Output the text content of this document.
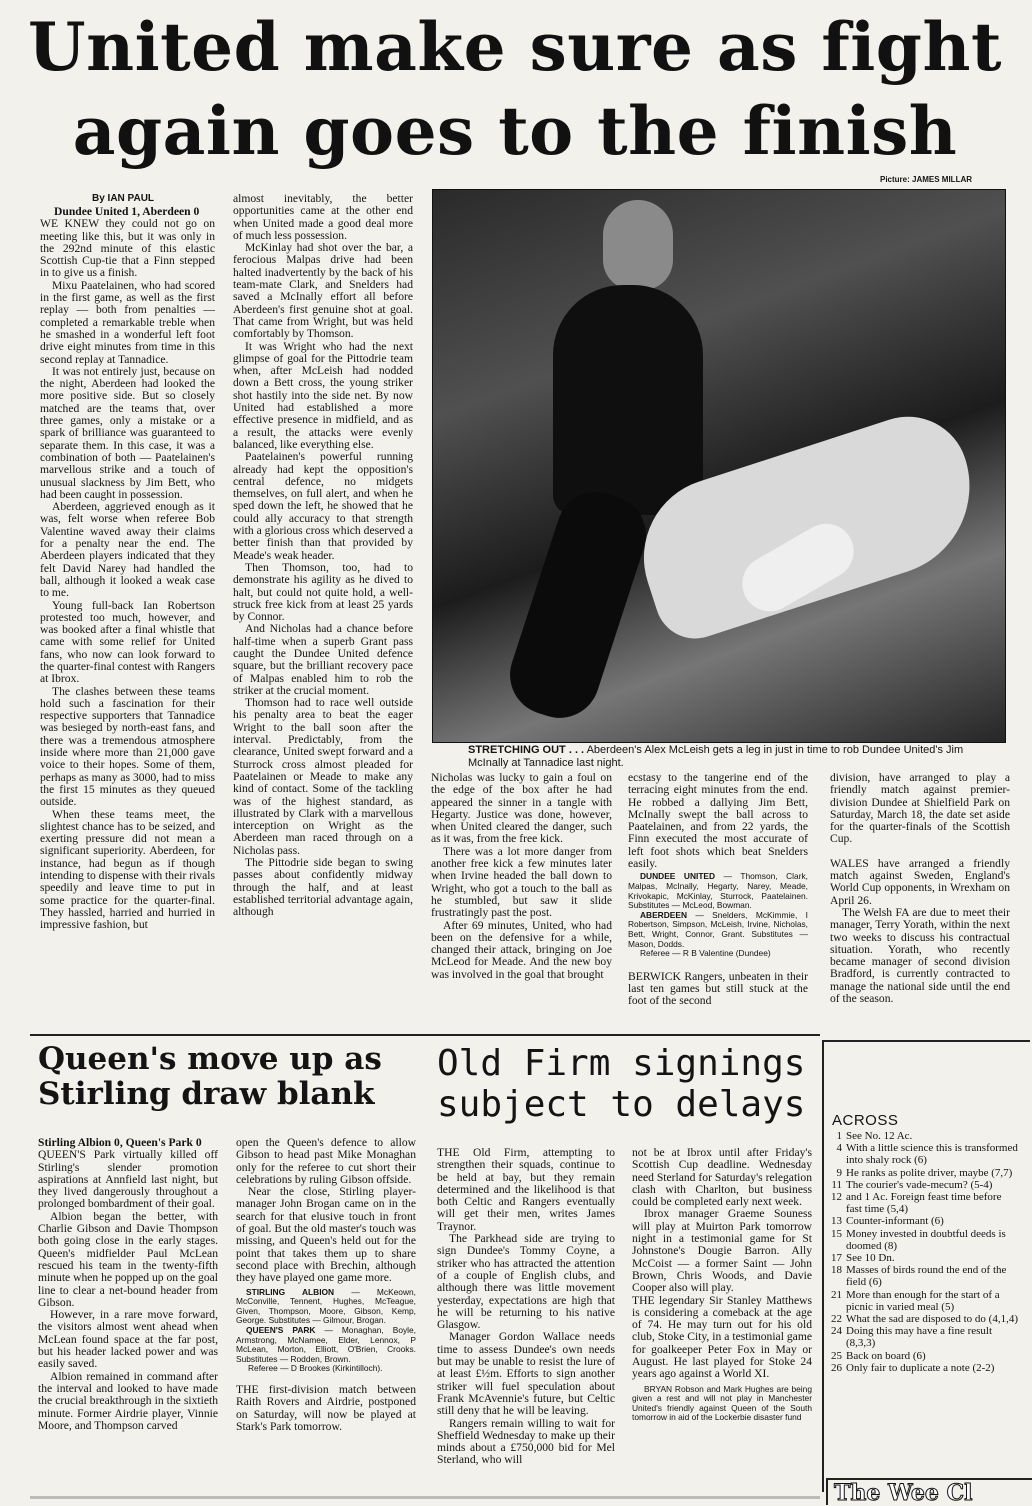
United make sure as fight
again goes to the finish
Picture: JAMES MILLAR
By IAN PAUL

Dundee United 1, Aberdeen 0

WE KNEW they could not go on meeting like this, but it was only in the 292nd minute of this elastic Scottish Cup-tie that a Finn stepped in to give us a finish.

Mixu Paatelainen, who had scored in the first game, as well as the first replay — both from penalties — completed a remarkable treble when he smashed in a wonderful left foot drive eight minutes from time in this second replay at Tannadice.

It was not entirely just, because on the night, Aberdeen had looked the more positive side. But so closely matched are the teams that, over three games, only a mistake or a spark of brilliance was guaranteed to separate them. In this case, it was a combination of both — Paatelainen's marvellous strike and a touch of unusual slackness by Jim Bett, who had been caught in possession.

Aberdeen, aggrieved enough as it was, felt worse when referee Bob Valentine waved away their claims for a penalty near the end. The Aberdeen players indicated that they felt David Narey had handled the ball, although it looked a weak case to me.

Young full-back Ian Robertson protested too much, however, and was booked after a final whistle that came with some relief for United fans, who now can look forward to the quarter-final contest with Rangers at Ibrox.

The clashes between these teams hold such a fascination for their respective supporters that Tannadice was besieged by north-east fans, and there was a tremendous atmosphere inside where more than 21,000 gave voice to their hopes. Some of them, perhaps as many as 3000, had to miss the first 15 minutes as they queued outside.

When these teams meet, the slightest chance has to be seized, and exerting pressure did not mean a significant superiority. Aberdeen, for instance, had begun as if though intending to dispense with their rivals speedily and leave time to put in some practice for the quarter-final. They hassled, harried and hurried in impressive fashion, but

almost inevitably, the better opportunities came at the other end when United made a good deal more of much less possession.

McKinlay had shot over the bar, a ferocious Malpas drive had been halted inadvertently by the back of his team-mate Clark, and Snelders had saved a McInally effort all before Aberdeen's first genuine shot at goal. That came from Wright, but was held comfortably by Thomson.

It was Wright who had the next glimpse of goal for the Pittodrie team when, after McLeish had nodded down a Bett cross, the young striker shot hastily into the side net. By now United had established a more effective presence in midfield, and as a result, the attacks were evenly balanced, like everything else.

Paatelainen's powerful running already had kept the opposition's central defence, no midgets themselves, on full alert, and when he sped down the left, he showed that he could ally accuracy to that strength with a glorious cross which deserved a better finish than that provided by Meade's weak header.

Then Thomson, too, had to demonstrate his agility as he dived to halt, but could not quite hold, a well-struck free kick from at least 25 yards by Connor.

And Nicholas had a chance before half-time when a superb Grant pass caught the Dundee United defence square, but the brilliant recovery pace of Malpas enabled him to rob the striker at the crucial moment.

Thomson had to race well outside his penalty area to beat the eager Wright to the ball soon after the interval. Predictably, from the clearance, United swept forward and a Sturrock cross almost pleaded for Paatelainen or Meade to make any kind of contact. Some of the tackling was of the highest standard, as illustrated by Clark with a marvellous interception on Wright as the Aberdeen man raced through on a Nicholas pass.

The Pittodrie side began to swing passes about confidently midway through the half, and at least established territorial advantage again, although

STRETCHING OUT . . . Aberdeen's Alex McLeish gets a leg in just in time to rob Dundee United's Jim McInally at Tannadice last night.

Nicholas was lucky to gain a foul on the edge of the box after he had appeared the sinner in a tangle with Hegarty. Justice was done, however, when United cleared the danger, such as it was, from the free kick.

There was a lot more danger from another free kick a few minutes later when Irvine headed the ball down to Wright, who got a touch to the ball as he stumbled, but saw it slide frustratingly past the post.

After 69 minutes, United, who had been on the defensive for a while, changed their attack, bringing on Joe McLeod for Meade. And the new boy was involved in the goal that brought

ecstasy to the tangerine end of the terracing eight minutes from the end. He robbed a dallying Jim Bett, McInally swept the ball across to Paatelainen, and from 22 yards, the Finn executed the most accurate of left foot shots which beat Snelders easily.

DUNDEE UNITED — Thomson, Clark, Malpas, McInally, Hegarty, Narey, Meade, Krivokapic, McKinlay, Sturrock, Paatelainen. Substitutes — McLeod, Bowman.

ABERDEEN — Snelders, McKimmie, I Robertson, Simpson, McLeish, Irvine, Nicholas, Bett, Wright, Connor, Grant. Substitutes — Mason, Dodds.

Referee — R B Valentine (Dundee)

BERWICK Rangers, unbeaten in their last ten games but still stuck at the foot of the second

division, have arranged to play a friendly match against premier-division Dundee at Shielfield Park on Saturday, March 18, the date set aside for the quarter-finals of the Scottish Cup.

WALES have arranged a friendly match against Sweden, England's World Cup opponents, in Wrexham on April 26.

The Welsh FA are due to meet their manager, Terry Yorath, within the next two weeks to discuss his contractual situation. Yorath, who recently became manager of second division Bradford, is currently contracted to manage the national side until the end of the season.

Queen's move up as
Stirling draw blank

Stirling Albion 0, Queen's Park 0

QUEEN'S Park virtually killed off Stirling's slender promotion aspirations at Annfield last night, but they lived dangerously throughout a prolonged bombardment of their goal.

Albion began the better, with Charlie Gibson and Davie Thompson both going close in the early stages. Queen's midfielder Paul McLean rescued his team in the twenty-fifth minute when he popped up on the goal line to clear a net-bound header from Gibson.

However, in a rare move forward, the visitors almost went ahead when McLean found space at the far post, but his header lacked power and was easily saved.

Albion remained in command after the interval and looked to have made the crucial breakthrough in the sixtieth minute. Former Airdrie player, Vinnie Moore, and Thompson carved

open the Queen's defence to allow Gibson to head past Mike Monaghan only for the referee to cut short their celebrations by ruling Gibson offside.

Near the close, Stirling player-manager John Brogan came on in the search for that elusive touch in front of goal. But the old master's touch was missing, and Queen's held out for the point that takes them up to share second place with Brechin, although they have played one game more.

STIRLING ALBION — McKeown, McConville, Tennent, Hughes, McTeague, Given, Thompson, Moore, Gibson, Kemp, George. Substitutes — Gilmour, Brogan.

QUEEN'S PARK — Monaghan, Boyle, Armstrong, McNamee, Elder, Lennox, P McLean, Morton, Elliott, O'Brien, Crooks. Substitutes — Rodden, Brown.

Referee — D Brookes (Kirkintilloch).

THE first-division match between Raith Rovers and Airdrie, postponed on Saturday, will now be played at Stark's Park tomorrow.

Old Firm signings
subject to delays

THE Old Firm, attempting to strengthen their squads, continue to be held at bay, but they remain determined and the likelihood is that both Celtic and Rangers eventually will get their men, writes James Traynor.

The Parkhead side are trying to sign Dundee's Tommy Coyne, a striker who has attracted the attention of a couple of English clubs, and although there was little movement yesterday, expectations are high that he will be returning to his native Glasgow.

Manager Gordon Wallace needs time to assess Dundee's own needs but may be unable to resist the lure of at least £½m. Efforts to sign another striker will fuel speculation about Frank McAvennie's future, but Celtic still deny that he will be leaving.

Rangers remain willing to wait for Sheffield Wednesday to make up their minds about a £750,000 bid for Mel Sterland, who will

not be at Ibrox until after Friday's Scottish Cup deadline. Wednesday need Sterland for Saturday's relegation clash with Charlton, but business could be completed early next week.

Ibrox manager Graeme Souness will play at Muirton Park tomorrow night in a testimonial game for St Johnstone's Dougie Barron. Ally McCoist — a former Saint — John Brown, Chris Woods, and Davie Cooper also will play.

THE legendary Sir Stanley Matthews is considering a comeback at the age of 74. He may turn out for his old club, Stoke City, in a testimonial game for goalkeeper Peter Fox in May or August. He last played for Stoke 24 years ago against a World XI.

BRYAN Robson and Mark Hughes are being given a rest and will not play in Manchester United's friendly against Queen of the South tomorrow in aid of the Lockerbie disaster fund

ACROSS
1 See No. 12 Ac.
4 With a little science this is transformed into shaly rock (6)
9 He ranks as polite driver, maybe (7,7)
11 The courier's vade-mecum? (5-4)
12 and 1 Ac. Foreign feast time before fast time (5,4)
13 Counter-informant (6)
15 Money invested in doubtful deeds is doomed (8)
17 See 10 Dn.
18 Masses of birds round the end of the field (6)
21 More than enough for the start of a picnic in varied meal (5)
22 What the sad are disposed to do (4,1,4)
24 Doing this may have a fine result (8,3,3)
25 Back on board (6)
26 Only fair to duplicate a note (2-2)
The Wee Cl
